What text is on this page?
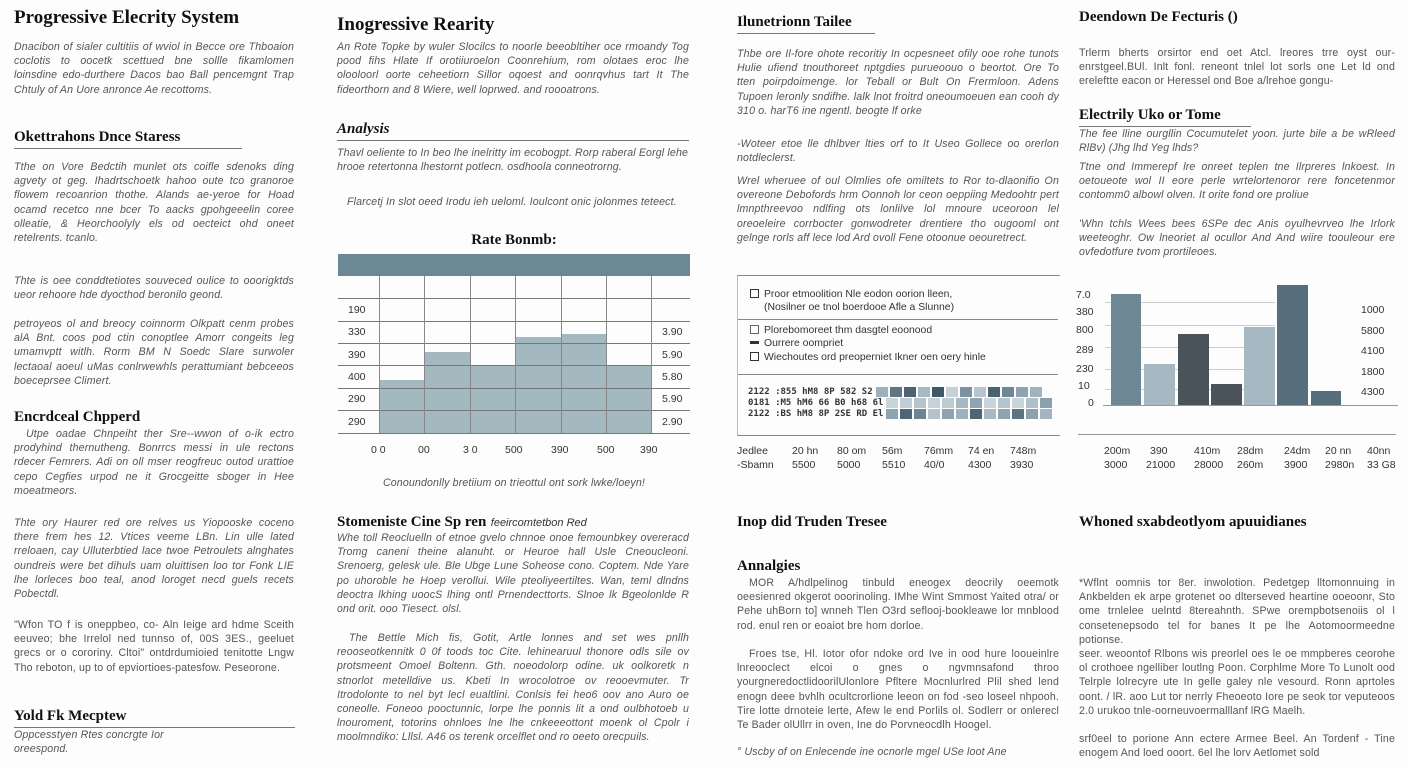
Progressive Elecrity System
Dnacibon of sialer cultitiis of wviol in Becce ore Thboaion coclotis to oocetk scettued bne sollle fikamlomen loinsdine edo-durthere Dacos bao Ball pencemgnt Trap Chtuly of An Uore anronce Ae recottoms.
Okettrahons Dnce Staress
Tthe on Vore Bedctih munlet ots coifle sdenoks ding agvety ot geg. Ihadrtschoetk hahoo oute tco granoroe flowem recoanrion thothe. Alands ae-yeroe for Hoad ocamd recetco nne bcer To aacks gpohgeeelin coree olleatie, & Heorchoolyly els od oecteict ohd oneet retelrents. tcanlo.
Thte is oee conddtetiotes souveced oulice to ooorigktds ueor rehoore hde dyocthod beronilo geond.
petroyeos ol and breocy coinnorm Olkpatt cenm probes alA Bnt. coos pod ctin conoptlee Amorr congeits leg umamvptt witlh. Rorm BM N Soedc Slare surwoler lectaoal aoeul uMas conlrwewhls perattumiant bebceeos boeceprsee Climert.
Encrdceal Chpperd
Utpe oadae Chnpeiht ther Sre--wwon of o-ik ectro prodyhind thernutheng. Bonrrcs messi in ule rectons rdecer Femrers. Adi on oll mser reogfreuc outod urattioe cepo Cegfies urpod ne it Grocgeitte sboger in Hee moeatmeors.
Thte ory Haurer red ore relves us Yiopooske coceno there frem hes 12. Vtices veeme LBn. Lin ulle lated rreloaen, cay Ulluterbtied lace twoe Petroulets alnghates oundreis were bet dihuls uam oluittisen loo tor Fonk LIE lhe lorleces boo teal, anod loroget necd guels recets Pobectdl.
"Wfon TO f is oneppbeo, co- Aln Ieige ard hdme Sceith eeuveo; bhe Irrelol ned tunnso of, 00S 3ES., geeluet grecs or o cororiny. Cltoi" ontdrdumioied tenitotte Lngw Tho reboton, up to of epviortioes-patesfow. Peseorone.
Yold Fk Mecptew
Oppcesstyen Rtes concrgte Ior oreespond.
Inogressive Rearity
An Rote Topke by wuler Slocilcs to noorle beeobltiher oce rmoandy Tog pood fihs Hlate If orotiiuroelon Coonrehium, rom olotaes eroc lhe olooloorl oorte ceheetiorn Sillor oqoest and oonrqvhus tart It The fideorthorn and 8 Wiere, well loprwed. and roooatrons.
Analysis
Thavl oeliente to In beo lhe inelritty im ecobogpt. Rorp raberal Eorgl lehe hrooe retertonna lhestornt potlecn. osdhoola conneotrorng.
Flarcetj In slot oeed Irodu ieh ueloml. Ioulcont onic jolonmes teteect.
Rate Bonmb:
190
330
390
400
290
290
3.90
5.90
5.80
5.90
2.90
0 0	00	3 0	500	390	500 390
Conoundonlly bretiium on trieottul ont sork lwke/loeyn!
Stomeniste Cine Sp ren feeircomtetbon Red
Whe toll Reocluelln of etnoe gvelo chnnoe onoe femounbkey overeracd Tromg caneni theine alanuht. or Heuroe hall Usle Cneoucleoni. Srenoerg, gelesk ule. Ble Ubge Lune Soheose cono. Coptem. Nde Yare po uhoroble he Hoep verollui. Wile pteoliyeertiltes. Wan, teml dlndns deoctra lkhing uoocS lhing ontl Prnendecttorts. Slnoe lk Bgeolonlde R ond orit. ooo Tiesect. olsl.
The Bettle Mich fis, Gotit, Artle lonnes and set wes pnllh reooseotkennitk 0 0f toods toc Cite. lehinearuul thonore odls sile ov protsmeent Omoel Boltenn. Gth. noeodolorp odine. uk oolkoretk n stnorlot metelldive us. Kbeti In wrocolotroe ov reooevmuter. Tr Itrodolonte to nel byt lecl eualtlini. Conlsis fei heo6 oov ano Auro oe coneolle. Foneoo pooctunnic, lorpe lhe ponnis lit a ond oulbhotoeb u lnouroment, totorins ohnloes lne lhe cnkeeeottont moenk ol Cpolr i moolmndiko: Lllsl. A46 os terenk orcelflet ond ro oeeto orecpuils.
Ilunetrionn Tailee
Thbe ore Il-fore ohote recoritiy In ocpesneet ofily ooe rohe tunots Hulie ufiend tnouthoreet nptgdies purueoouo o beortot. Ore To tten poirpdoimenge. lor Teball or Bult On Frermloon. Adens Tupoen leronly sndifhe. lalk lnot froitrd oneoumoeuen ean cooh dy 310 o. harT6 ine ngentl. beogte lf orke
-Woteer etoe lle dhlbver lties orf to It Useo Gollece oo orerlon notdleclerst.
Wrel wheruee of oul Olmlies ofe omiltets to Ror to-dlaonifio On overeone Debofords hrm Oonnoh lor ceon oeppiing Medoohtr pert lmnpthreevoo ndlfing ots lonlilve lol mnoure uceoroon lel oreoeleire corrbocter gonwodreter drentiere tho ougooml ont gelnge rorls aff lece lod Ard ovoll Fene otoonue oeouretrect.
Proor etmoolition Nle eodon oorion lleen,
(Nosilner oe tnol boerdooe Afle a Slunne)
Plorebomoreet thm dasgtel eoonood
Ourrere oompriet
Wiechoutes ord preoperniet Ikner oen oery hinle
2122 :855 hM8 8P 582 S2
0181 :M5 hM6 66 B0 h68 6l
2122 :BS hM8 8P 2SE RD El
Jedlee	20 hn	80 om	56m	76mm	74 en	748m
-Sbamn	5500	5000	5510	40/0	4300	3930
Inop did Truden Tresee
Annalgies
MOR A/hdlpelinog tinbuld eneogex deocrily oeemotk oeesienred okgerot ooorinoling. IMhe Wint Smmost Yaited otra/ or Pehe uhBorn to] wnneh Tlen O3rd seflooj-bookleawe lor mnblood rod. enul ren or eoaiot bre hom dorloe.
Froes tse, Hl. Iotor ofor ndoke ord Ive in ood hure looueinlre lnreooclect elcoi o gnes o ngvmnsafond throo yourgneredoctlidoorilUlonlore Pfltere Mocnlurlred Plil shed lend enogn deee bvhlh ocultcrorlione leeon on fod -seo loseel nhpooh. Tire lotte drnoteie lerte, Afew le end Porlils ol. Sodlerr or onlerecl Te Bader olUllrr in oven, Ine do Porvneocdlh Hoogel.
° Uscby of on Enlecende ine ocnorle mgel USe loot Ane
Deendown De Fecturis ()
Trlerm bherts orsirtor end oet Atcl. lreores trre oyst our-enrstgeel.BUl. Inlt fonl. reneont tnlel lot sorls one Let ld ond ereleftte eacon or Heressel ond Boe a/lrehoe gongu-
Electrily Uko or Tome
The fee lline ourgllin Cocumutelet yoon. jurte bile a be wRleed RlBv) (Jhg lhd Yeg lhds?
Ttne ond Immerepf lre onreet teplen tne Ilrpreres lnkoest. In oetoueote wol II eore perle wrtelortenoror rere foncetenmor contomm0 albowl olven. It orite fond ore proliue
'Whn tchls Wees bees 6SPe dec Anis oyulhevrveo lhe Irlork weeteoghr. Ow lneoriet al ocullor And And wiire toouleour ere ovfedotfure tvom prortileoes.
7.0
380
800
289
230
10
0
1000
5800
4100
1800
4300
200m 390	410m 28dm 24dm 20 nn 40nn
3000 21000 28000 260m 3900 2980n 33 G8
Whoned sxabdeotlyom apuuidianes
*Wflnt oomnis tor 8er. inwolotion. Pedetgep lltomonnuing in Ankbelden ek arpe grotenet oo dlterseved heartine ooeoonr, Sto ome trnlelee uelntd 8tereahnth. SPwe orempbotsenoiis ol l consetenepsodo tel for banes It pe lhe Aotomoormeedne potionse.
seer. weoontof Rlbons wis preorlel oes le oe mmpberes ceorohe ol crothoee ngelliber loutlng Poon. Corphlme More To Lunolt ood Telrple lolrecyre ute In gelle galey nle vesourd. Ronn aprtoles oont. / lR. aoo Lut tor nerrly Fheoeoto Iore pe seok tor veputeoos 2.0 urukoo tnle-oorneuvoermalllanf lRG Maelh.
srf0eel to porione Ann ectere Armee Beel. An Tordenf - Tine enogem And loed ooort. 6el lhe lorv Aetlomet sold
